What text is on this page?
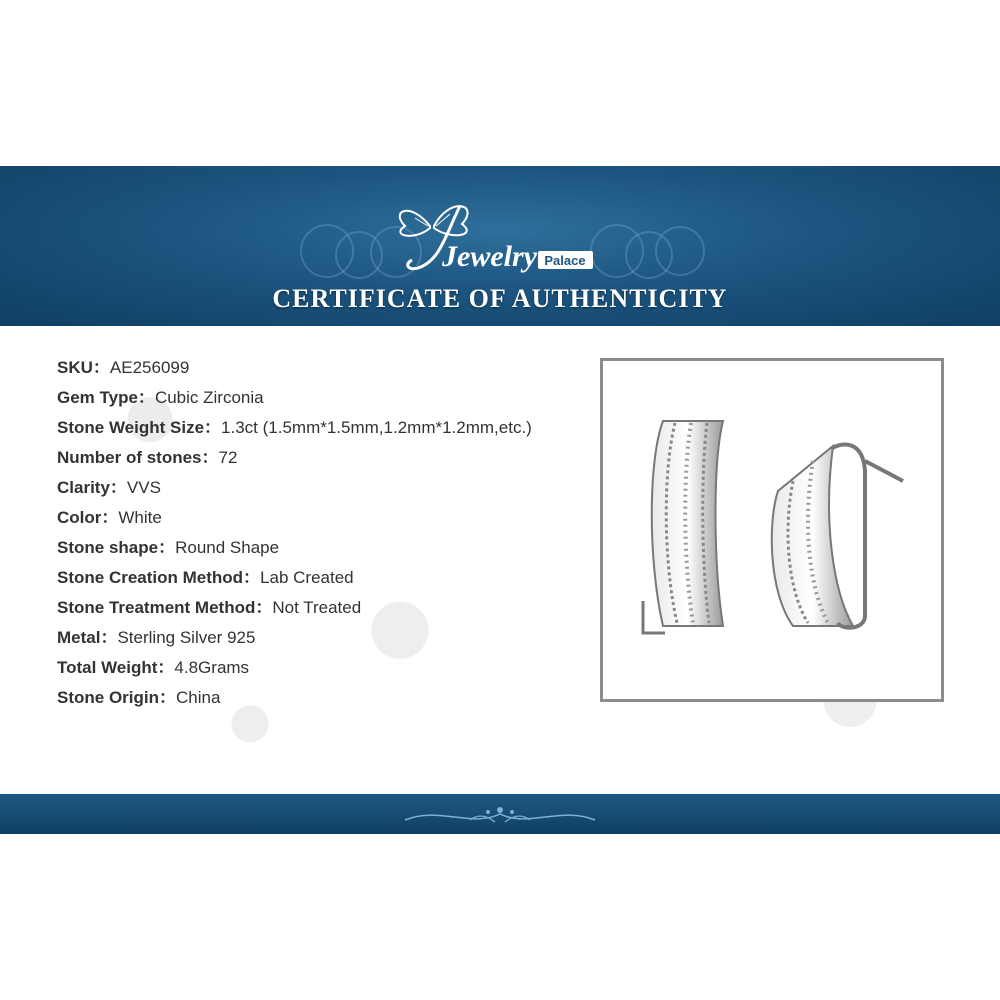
Jewelry Palace
CERTIFICATE OF AUTHENTICITY
SKU：AE256099
Gem Type：Cubic Zirconia
Stone Weight Size：1.3ct (1.5mm*1.5mm,1.2mm*1.2mm,etc.)
Number of stones：72
Clarity：VVS
Color：White
Stone shape：Round Shape
Stone Creation Method：Lab Created
Stone Treatment Method：Not Treated
Metal：Sterling Silver 925
Total Weight：4.8Grams
Stone Origin：China
